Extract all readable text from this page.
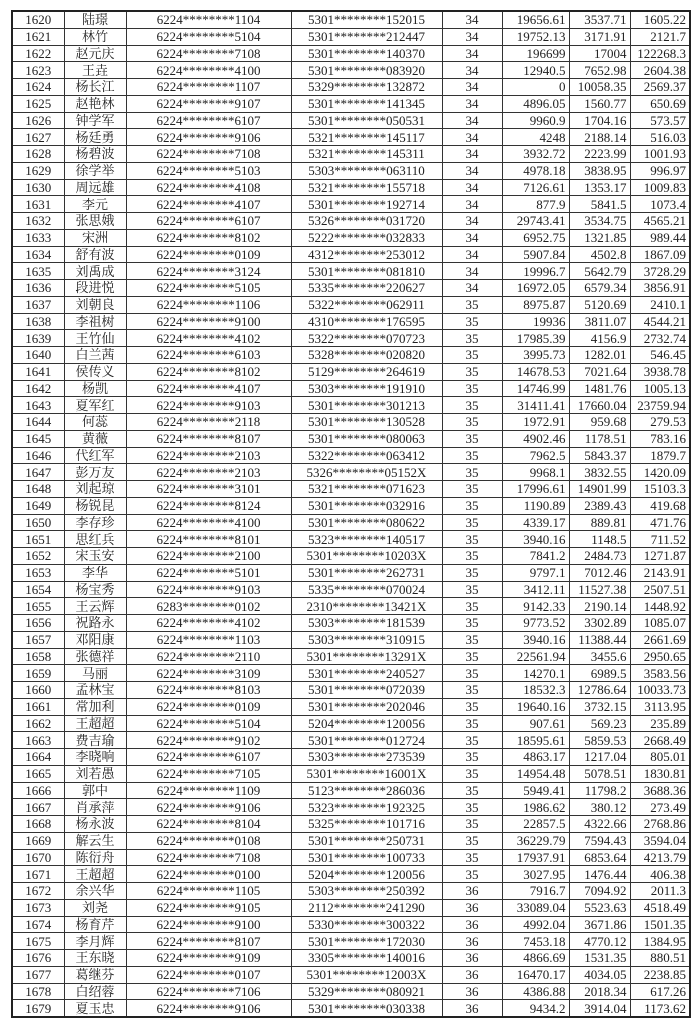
1620	陆璟	6224********1104	5301********152015	34	19656.61	3537.71	1605.22
1621	林竹	6224********5104	5301********212447	34	19752.13	3171.91	2121.7
1622	赵元庆	6224********7108	5301********140370	34	196699	17004	122268.3
1623	王垚	6224********4100	5301********083920	34	12940.5	7652.98	2604.38
1624	杨长江	6224********1107	5329********132872	34	0	10058.35	2569.37
1625	赵艳林	6224********9107	5301********141345	34	4896.05	1560.77	650.69
1626	钟学军	6224********6107	5301********050531	34	9960.9	1704.16	573.57
1627	杨廷勇	6224********9106	5321********145117	34	4248	2188.14	516.03
1628	杨碧波	6224********7108	5321********145311	34	3932.72	2223.99	1001.93
1629	徐学举	6224********5103	5303********063110	34	4978.18	3838.95	996.97
1630	周远雄	6224********4108	5321********155718	34	7126.61	1353.17	1009.83
1631	李元	6224********4107	5301********192714	34	877.9	5841.5	1073.4
1632	张思娥	6224********6107	5326********031720	34	29743.41	3534.75	4565.21
1633	宋洲	6224********8102	5222********032833	34	6952.75	1321.85	989.44
1634	舒有波	6224********0109	4312********253012	34	5907.84	4502.8	1867.09
1635	刘禹成	6224********3124	5301********081810	34	19996.7	5642.79	3728.29
1636	段进悦	6224********5105	5335********220627	34	16972.05	6579.34	3856.91
1637	刘朝良	6224********1106	5322********062911	35	8975.87	5120.69	2410.1
1638	李祖树	6224********9100	4310********176595	35	19936	3811.07	4544.21
1639	王竹仙	6224********4102	5322********070723	35	17985.39	4156.9	2732.74
1640	白兰茜	6224********6103	5328********020820	35	3995.73	1282.01	546.45
1641	侯传义	6224********8102	5129********264619	35	14678.53	7021.64	3938.78
1642	杨凯	6224********4107	5303********191910	35	14746.99	1481.76	1005.13
1643	夏军红	6224********9103	5301********301213	35	31411.41	17660.04	23759.94
1644	何蕊	6224********2118	5301********130528	35	1972.91	959.68	279.53
1645	黄薇	6224********8107	5301********080063	35	4902.46	1178.51	783.16
1646	代红军	6224********2103	5322********063412	35	7962.5	5843.37	1879.7
1647	彭万友	6224********2103	5326********05152X	35	9968.1	3832.55	1420.09
1648	刘起琼	6224********3101	5321********071623	35	17996.61	14901.99	15103.3
1649	杨锐昆	6224********8124	5301********032916	35	1190.89	2389.43	419.68
1650	李存珍	6224********4100	5301********080622	35	4339.17	889.81	471.76
1651	思红兵	6224********8101	5323********140517	35	3940.16	1148.5	711.52
1652	宋玉安	6224********2100	5301********10203X	35	7841.2	2484.73	1271.87
1653	李华	6224********5101	5301********262731	35	9797.1	7012.46	2143.91
1654	杨宝秀	6224********9103	5335********070024	35	3412.11	11527.38	2507.51
1655	王云辉	6283********0102	2310********13421X	35	9142.33	2190.14	1448.92
1656	祝路永	6224********4102	5303********181539	35	9773.52	3302.89	1085.07
1657	邓阳康	6224********1103	5303********310915	35	3940.16	11388.44	2661.69
1658	张德祥	6224********2110	5301********13291X	35	22561.94	3455.6	2950.65
1659	马丽	6224********3109	5301********240527	35	14270.1	6989.5	3583.56
1660	孟林宝	6224********8103	5301********072039	35	18532.3	12786.64	10033.73
1661	常加利	6224********0109	5301********202046	35	19640.16	3732.15	3113.95
1662	王超超	6224********5104	5204********120056	35	907.61	569.23	235.89
1663	费吉瑜	6224********9102	5301********012724	35	18595.61	5859.53	2668.49
1664	李晓响	6224********6107	5303********273539	35	4863.17	1217.04	805.01
1665	刘若愚	6224********7105	5301********16001X	35	14954.48	5078.51	1830.81
1666	郭中	6224********1109	5123********286036	35	5949.41	11798.2	3688.36
1667	肖承萍	6224********9106	5323********192325	35	1986.62	380.12	273.49
1668	杨永波	6224********8104	5325********101716	35	22857.5	4322.66	2768.86
1669	解云生	6224********0108	5301********250731	35	36229.79	7594.43	3594.04
1670	陈衍舟	6224********7108	5301********100733	35	17937.91	6853.64	4213.79
1671	王超超	6224********0100	5204********120056	35	3027.95	1476.44	406.38
1672	余兴华	6224********1105	5303********250392	36	7916.7	7094.92	2011.3
1673	刘尧	6224********9105	2112********241290	36	33089.04	5523.63	4518.49
1674	杨育芹	6224********9100	5330********300322	36	4992.04	3671.86	1501.35
1675	李月辉	6224********8107	5301********172030	36	7453.18	4770.12	1384.95
1676	王东晓	6224********9109	3305********140016	36	4866.69	1531.35	880.51
1677	葛继芬	6224********0107	5301********12003X	36	16470.17	4034.05	2238.85
1678	白绍蓉	6224********7106	5329********080921	36	4386.88	2018.34	617.26
1679	夏玉忠	6224********9106	5301********030338	36	9434.2	3914.04	1173.62
